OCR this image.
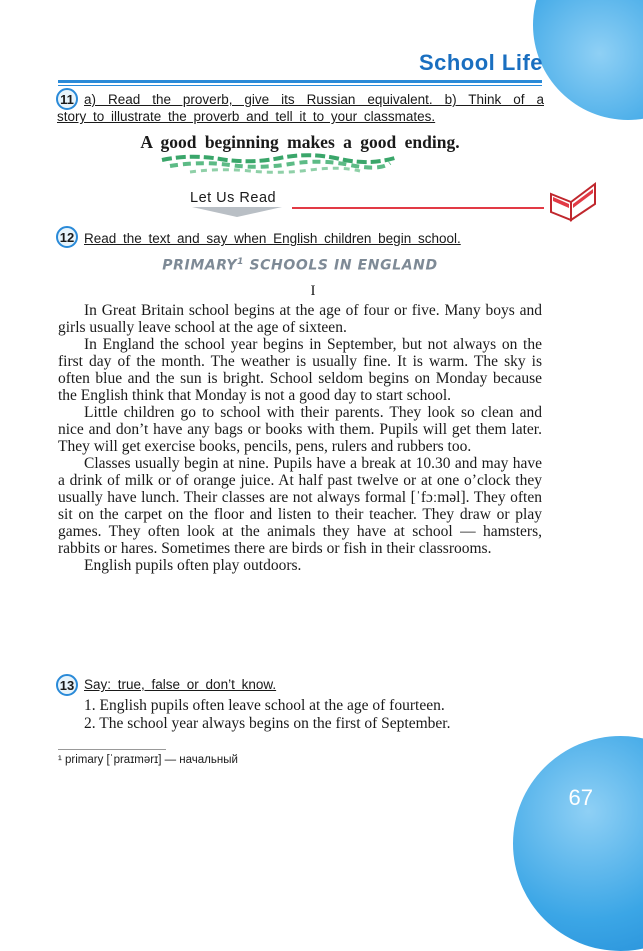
School Life
11 a) Read the proverb, give its Russian equivalent. b) Think of a
story to illustrate the proverb and tell it to your classmates.
A good beginning makes a good ending.
Let Us Read
12 Read the text and say when English children begin school.
PRIMARY$^1$ SCHOOLS IN ENGLAND
I

In Great Britain school begins at the age of four or five. Many boys and girls usually leave school at the age of sixteen.

In England the school year begins in September, but not always on the first day of the month. The weather is usually fine. It is warm. The sky is often blue and the sun is bright. School seldom begins on Monday because the English think that Monday is not a good day to start school.

Little children go to school with their parents. They look so clean and nice and don’t have any bags or books with them. Pupils will get them later. They will get exercise books, pencils, pens, rulers and rubbers too.

Classes usually begin at nine. Pupils have a break at 10.30 and may have a drink of milk or of orange juice. At half past twelve or at one o’clock they usually have lunch. Their classes are not always formal [ˈfɔːməl]. They often sit on the carpet on the floor and listen to their teacher. They draw or play games. They often look at the animals they have at school — hamsters, rabbits or hares. Sometimes there are birds or fish in their classrooms.

English pupils often play outdoors.

13 Say: true, false or don’t know.
1. English pupils often leave school at the age of fourteen.
2. The school year always begins on the first of September.
¹ primary [ˈpraɪmərɪ] — начальный
67
